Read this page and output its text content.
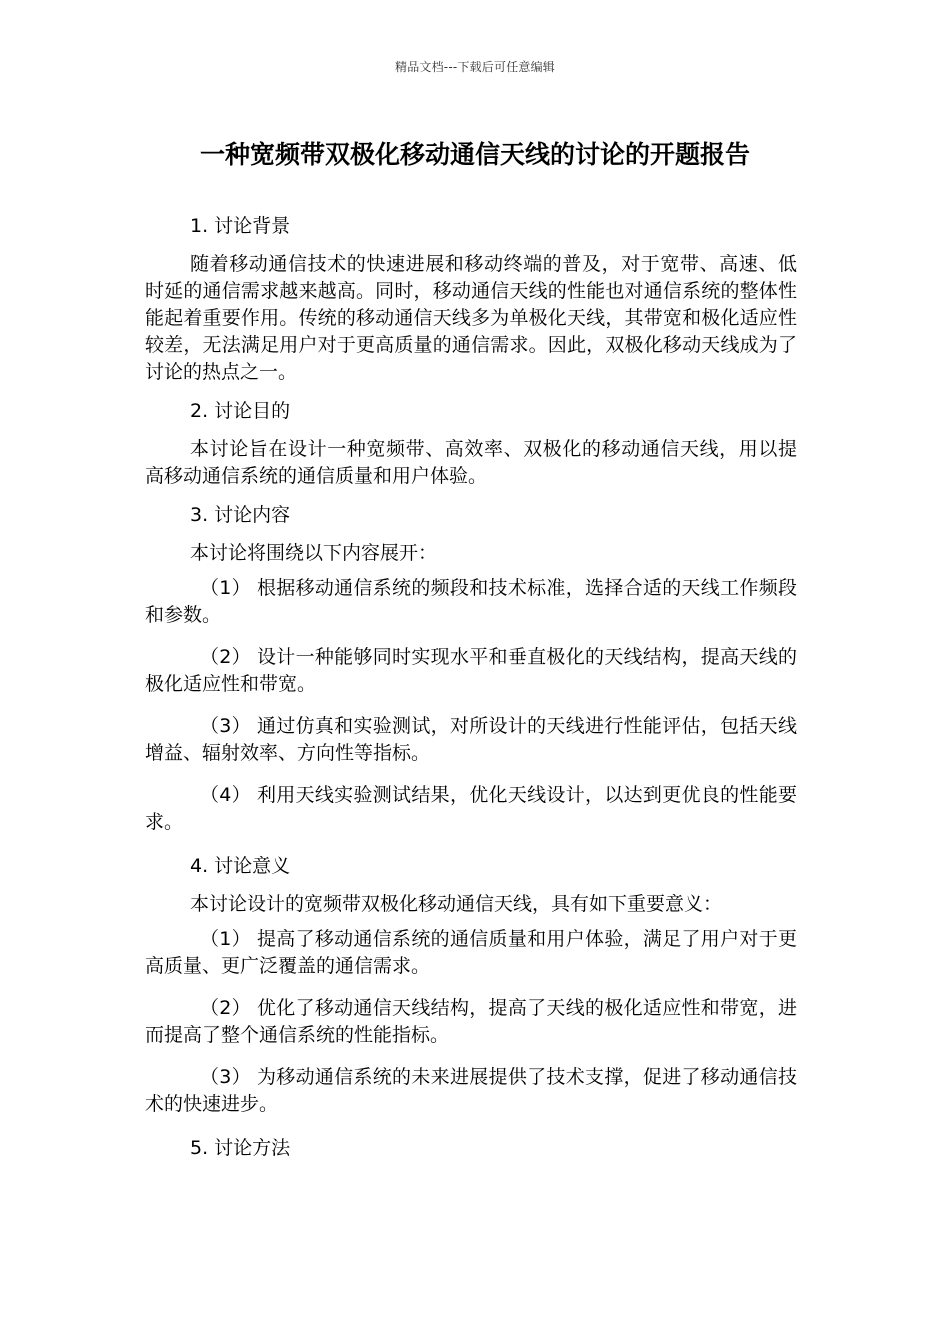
精品文档---下载后可任意编辑
一种宽频带双极化移动通信天线的讨论的开题报告
1. 讨论背景

随着移动通信技术的快速进展和移动终端的普及，对于宽带、高速、低时延的通信需求越来越高。同时，移动通信天线的性能也对通信系统的整体性能起着重要作用。传统的移动通信天线多为单极化天线，其带宽和极化适应性较差，无法满足用户对于更高质量的通信需求。因此，双极化移动天线成为了讨论的热点之一。

2. 讨论目的

本讨论旨在设计一种宽频带、高效率、双极化的移动通信天线，用以提高移动通信系统的通信质量和用户体验。

3. 讨论内容

本讨论将围绕以下内容展开：

（1） 根据移动通信系统的频段和技术标准，选择合适的天线工作频段和参数。

（2） 设计一种能够同时实现水平和垂直极化的天线结构，提高天线的极化适应性和带宽。

（3） 通过仿真和实验测试，对所设计的天线进行性能评估，包括天线增益、辐射效率、方向性等指标。

（4） 利用天线实验测试结果，优化天线设计，以达到更优良的性能要求。

4. 讨论意义

本讨论设计的宽频带双极化移动通信天线，具有如下重要意义：

（1） 提高了移动通信系统的通信质量和用户体验，满足了用户对于更高质量、更广泛覆盖的通信需求。

（2） 优化了移动通信天线结构，提高了天线的极化适应性和带宽，进而提高了整个通信系统的性能指标。

（3） 为移动通信系统的未来进展提供了技术支撑，促进了移动通信技术的快速进步。

5. 讨论方法
